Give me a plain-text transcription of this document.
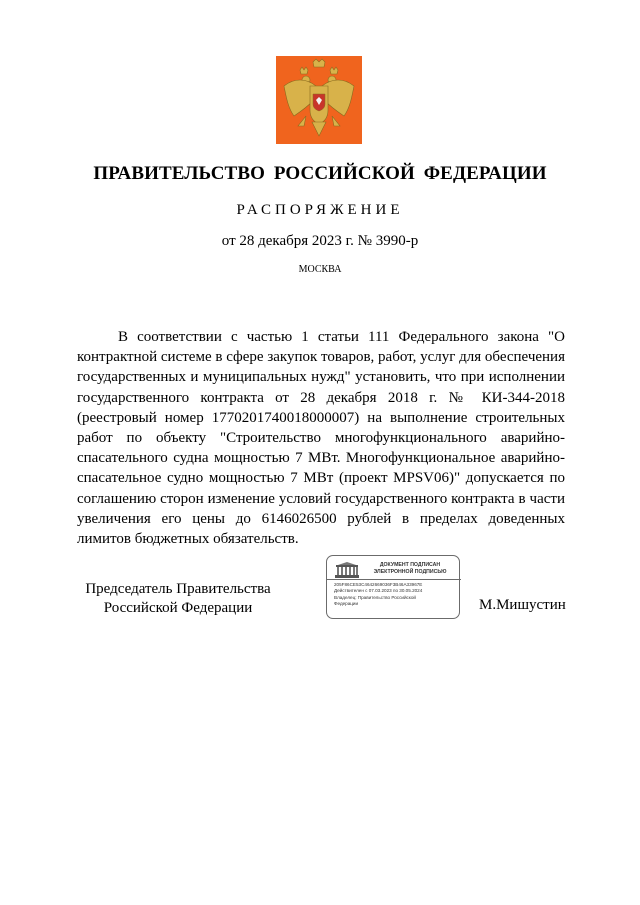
ПРАВИТЕЛЬСТВО РОССИЙСКОЙ ФЕДЕРАЦИИ
РАСПОРЯЖЕНИЕ
от 28 декабря 2023 г. № 3990-р
МОСКВА

В соответствии с частью 1 статьи 111 Федерального закона "О контрактной системе в сфере закупок товаров, работ, услуг для обеспечения государственных и муниципальных нужд" установить, что при исполнении государственного контракта от 28 декабря 2018 г. № КИ-344-2018 (реестровый номер 1770201740018000007) на выполнение строительных работ по объекту "Строительство многофункционального аварийно-спасательного судна мощностью 7 МВт. Многофункциональное аварийно-спасательное судно мощностью 7 МВт (проект MPSV06)" допускается по соглашению сторон изменение условий государственного контракта в части увеличения его цены до 6146026500 рублей в пределах доведенных лимитов бюджетных обязательств.

Председатель Правительства
Российской Федерации
ДОКУМЕНТ ПОДПИСАН
ЭЛЕКТРОННОЙ ПОДПИСЬЮ
205F86CE53C4642669036F3B46A33967E
Действителен с 07.03.2023 по 30.05.2024
Владелец: Правительство Российской
Федерации	М.Мишустин
